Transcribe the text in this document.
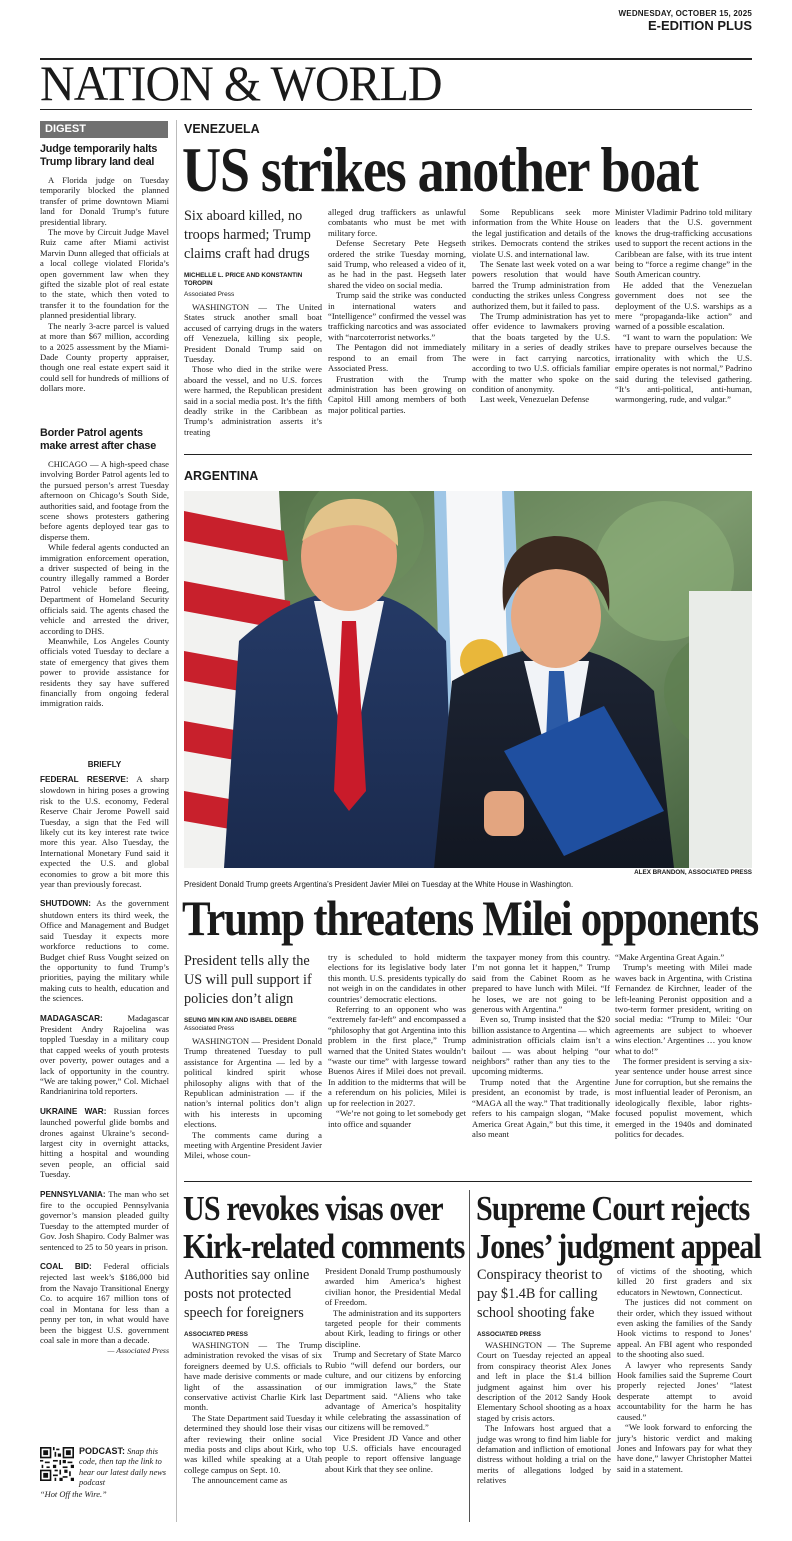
WEDNESDAY, OCTOBER 15, 2025
E-EDITION PLUS
NATION & WORLD
DIGEST
Judge temporarily halts Trump library land deal

A Florida judge on Tuesday temporarily blocked the planned transfer of prime downtown Miami land for Donald Trump’s future presidential library.

The move by Circuit Judge Mavel Ruiz came after Miami activist Marvin Dunn alleged that officials at a local college violated Florida’s open government law when they gifted the sizable plot of real estate to the state, which then voted to transfer it to the foundation for the planned presidential library.

The nearly 3-acre parcel is valued at more than $67 million, according to a 2025 assessment by the Miami-Dade County property appraiser, though one real estate expert said it could sell for hundreds of millions of dollars more.

Border Patrol agents make arrest after chase

CHICAGO — A high-speed chase involving Border Patrol agents led to the pursued person’s arrest Tuesday afternoon on Chicago’s South Side, authorities said, and footage from the scene shows protesters gathering before agents deployed tear gas to disperse them.

While federal agents conducted an immigration enforcement operation, a driver suspected of being in the country illegally rammed a Border Patrol vehicle before fleeing, Department of Homeland Security officials said. The agents chased the vehicle and arrested the driver, according to DHS.

Meanwhile, Los Angeles County officials voted Tuesday to declare a state of emergency that gives them power to provide assistance for residents they say have suffered financially from ongoing federal immigration raids.

BRIEFLY
FEDERAL RESERVE: A sharp slowdown in hiring poses a growing risk to the U.S. economy, Federal Reserve Chair Jerome Powell said Tuesday, a sign that the Fed will likely cut its key interest rate twice more this year. Also Tuesday, the International Monetary Fund said it expected the U.S. and global economies to grow a bit more this year than previously forecast.
SHUTDOWN: As the government shutdown enters its third week, the Office and Management and Budget said Tuesday it expects more workforce reductions to come. Budget chief Russ Vought seized on the opportunity to fund Trump’s priorities, paying the military while making cuts to health, education and the sciences.
MADAGASCAR: Madagascar President Andry Rajoelina was toppled Tuesday in a military coup that capped weeks of youth protests over poverty, power outages and a lack of opportunity in the country. “We are taking power,” Col. Michael Randrianirina told reporters.
UKRAINE WAR: Russian forces launched powerful glide bombs and drones against Ukraine’s second-largest city in overnight attacks, hitting a hospital and wounding seven people, an official said Tuesday.
PENNSYLVANIA: The man who set fire to the occupied Pennsylvania governor’s mansion pleaded guilty Tuesday to the attempted murder of Gov. Josh Shapiro. Cody Balmer was sentenced to 25 to 50 years in prison.
COAL BID: Federal officials rejected last week’s $186,000 bid from the Navajo Transitional Energy Co. to acquire 167 million tons of coal in Montana for less than a penny per ton, in what would have been the biggest U.S. government coal sale in more than a decade.
— Associated Press
PODCAST: Snap this code, then tap the link to hear our latest daily news podcast
“Hot Off the Wire.”
VENEZUELA
US strikes another boat
Six aboard killed, no troops harmed; Trump claims craft had drugs
MICHELLE L. PRICE AND KONSTANTIN TOROPIN
Associated Press

WASHINGTON — The United States struck another small boat accused of carrying drugs in the waters off Venezuela, killing six people, President Donald Trump said on Tuesday.

Those who died in the strike were aboard the vessel, and no U.S. forces were harmed, the Republican president said in a social media post. It’s the fifth deadly strike in the Caribbean as Trump’s administration asserts it’s treating

alleged drug traffickers as unlawful combatants who must be met with military force.

Defense Secretary Pete Hegseth ordered the strike Tuesday morning, said Trump, who released a video of it, as he had in the past. Hegseth later shared the video on social media.

Trump said the strike was conducted in international waters and “Intelligence” confirmed the vessel was trafficking narcotics and was associated with “narcoterrorist networks.”

The Pentagon did not immediately respond to an email from The Associated Press.

Frustration with the Trump administration has been growing on Capitol Hill among members of both major political parties.

Some Republicans seek more information from the White House on the legal justification and details of the strikes. Democrats contend the strikes violate U.S. and international law.

The Senate last week voted on a war powers resolution that would have barred the Trump administration from conducting the strikes unless Congress authorized them, but it failed to pass.

The Trump administration has yet to offer evidence to lawmakers proving that the boats targeted by the U.S. military in a series of deadly strikes were in fact carrying narcotics, according to two U.S. officials familiar with the matter who spoke on the condition of anonymity.

Last week, Venezuelan Defense

Minister Vladimir Padrino told military leaders that the U.S. government knows the drug-trafficking accusations used to support the recent actions in the Caribbean are false, with its true intent being to “force a regime change” in the South American country.

He added that the Venezuelan government does not see the deployment of the U.S. warships as a mere “propaganda-like action” and warned of a possible escalation.

“I want to warn the population: We have to prepare ourselves because the irrationality with which the U.S. empire operates is not normal,” Padrino said during the televised gathering. “It’s anti-political, anti-human, warmongering, rude, and vulgar.”

ARGENTINA
ALEX BRANDON, ASSOCIATED PRESS
President Donald Trump greets Argentina’s President Javier Milei on Tuesday at the White House in Washington.
Trump threatens Milei opponents
President tells ally the US will pull support if policies don’t align
SEUNG MIN KIM AND ISABEL DEBRE
Associated Press

WASHINGTON — President Donald Trump threatened Tuesday to pull assistance for Argentina — led by a political kindred spirit whose philosophy aligns with that of the Republican administration — if the nation’s internal politics don’t align with his interests in upcoming elections.

The comments came during a meeting with Argentine President Javier Milei, whose coun-

try is scheduled to hold midterm elections for its legislative body later this month. U.S. presidents typically do not weigh in on the candidates in other countries’ democratic elections.

Referring to an opponent who was “extremely far-left” and encompassed a “philosophy that got Argentina into this problem in the first place,” Trump warned that the United States wouldn’t “waste our time” with largesse toward Buenos Aires if Milei does not prevail. In addition to the midterms that will be a referendum on his policies, Milei is up for reelection in 2027.

“We’re not going to let somebody get into office and squander

the taxpayer money from this country. I’m not gonna let it happen,” Trump said from the Cabinet Room as he prepared to have lunch with Milei. “If he loses, we are not going to be generous with Argentina.”

Even so, Trump insisted that the $20 billion assistance to Argentina — which administration officials claim isn’t a bailout — was about helping “our neighbors” rather than any ties to the upcoming midterms.

Trump noted that the Argentine president, an economist by trade, is “MAGA all the way.” That traditionally refers to his campaign slogan, “Make America Great Again,” but this time, it also meant

“Make Argentina Great Again.”

Trump’s meeting with Milei made waves back in Argentina, with Cristina Fernandez de Kirchner, leader of the left-leaning Peronist opposition and a two-term former president, writing on social media: “Trump to Milei: ‘Our agreements are subject to whoever wins election.’ Argentines … you know what to do!”

The former president is serving a six-year sentence under house arrest since June for corruption, but she remains the most influential leader of Peronism, an ideologically flexible, labor rights-focused populist movement, which emerged in the 1940s and dominated politics for decades.

US revokes visas over
Kirk-related comments
Authorities say online posts not protected speech for foreigners
ASSOCIATED PRESS

WASHINGTON — The Trump administration revoked the visas of six foreigners deemed by U.S. officials to have made derisive comments or made light of the assassination of conservative activist Charlie Kirk last month.

The State Department said Tuesday it determined they should lose their visas after reviewing their online social media posts and clips about Kirk, who was killed while speaking at a Utah college campus on Sept. 10.

The announcement came as

President Donald Trump posthumously awarded him America’s highest civilian honor, the Presidential Medal of Freedom.

The administration and its supporters targeted people for their comments about Kirk, leading to firings or other discipline.

Trump and Secretary of State Marco Rubio “will defend our borders, our culture, and our citizens by enforcing our immigration laws,” the State Department said. “Aliens who take advantage of America’s hospitality while celebrating the assassination of our citizens will be removed.”

Vice President JD Vance and other top U.S. officials have encouraged people to report offensive language about Kirk that they see online.

Supreme Court rejects
Jones’ judgment appeal
Conspiracy theorist to pay $1.4B for calling school shooting fake
ASSOCIATED PRESS

WASHINGTON — The Supreme Court on Tuesday rejected an appeal from conspiracy theorist Alex Jones and left in place the $1.4 billion judgment against him over his description of the 2012 Sandy Hook Elementary School shooting as a hoax staged by crisis actors.

The Infowars host argued that a judge was wrong to find him liable for defamation and infliction of emotional distress without holding a trial on the merits of allegations lodged by relatives

of victims of the shooting, which killed 20 first graders and six educators in Newtown, Connecticut.

The justices did not comment on their order, which they issued without even asking the families of the Sandy Hook victims to respond to Jones’ appeal. An FBI agent who responded to the shooting also sued.

A lawyer who represents Sandy Hook families said the Supreme Court properly rejected Jones’ “latest desperate attempt to avoid accountability for the harm he has caused.”

“We look forward to enforcing the jury’s historic verdict and making Jones and Infowars pay for what they have done,” lawyer Christopher Mattei said in a statement.
